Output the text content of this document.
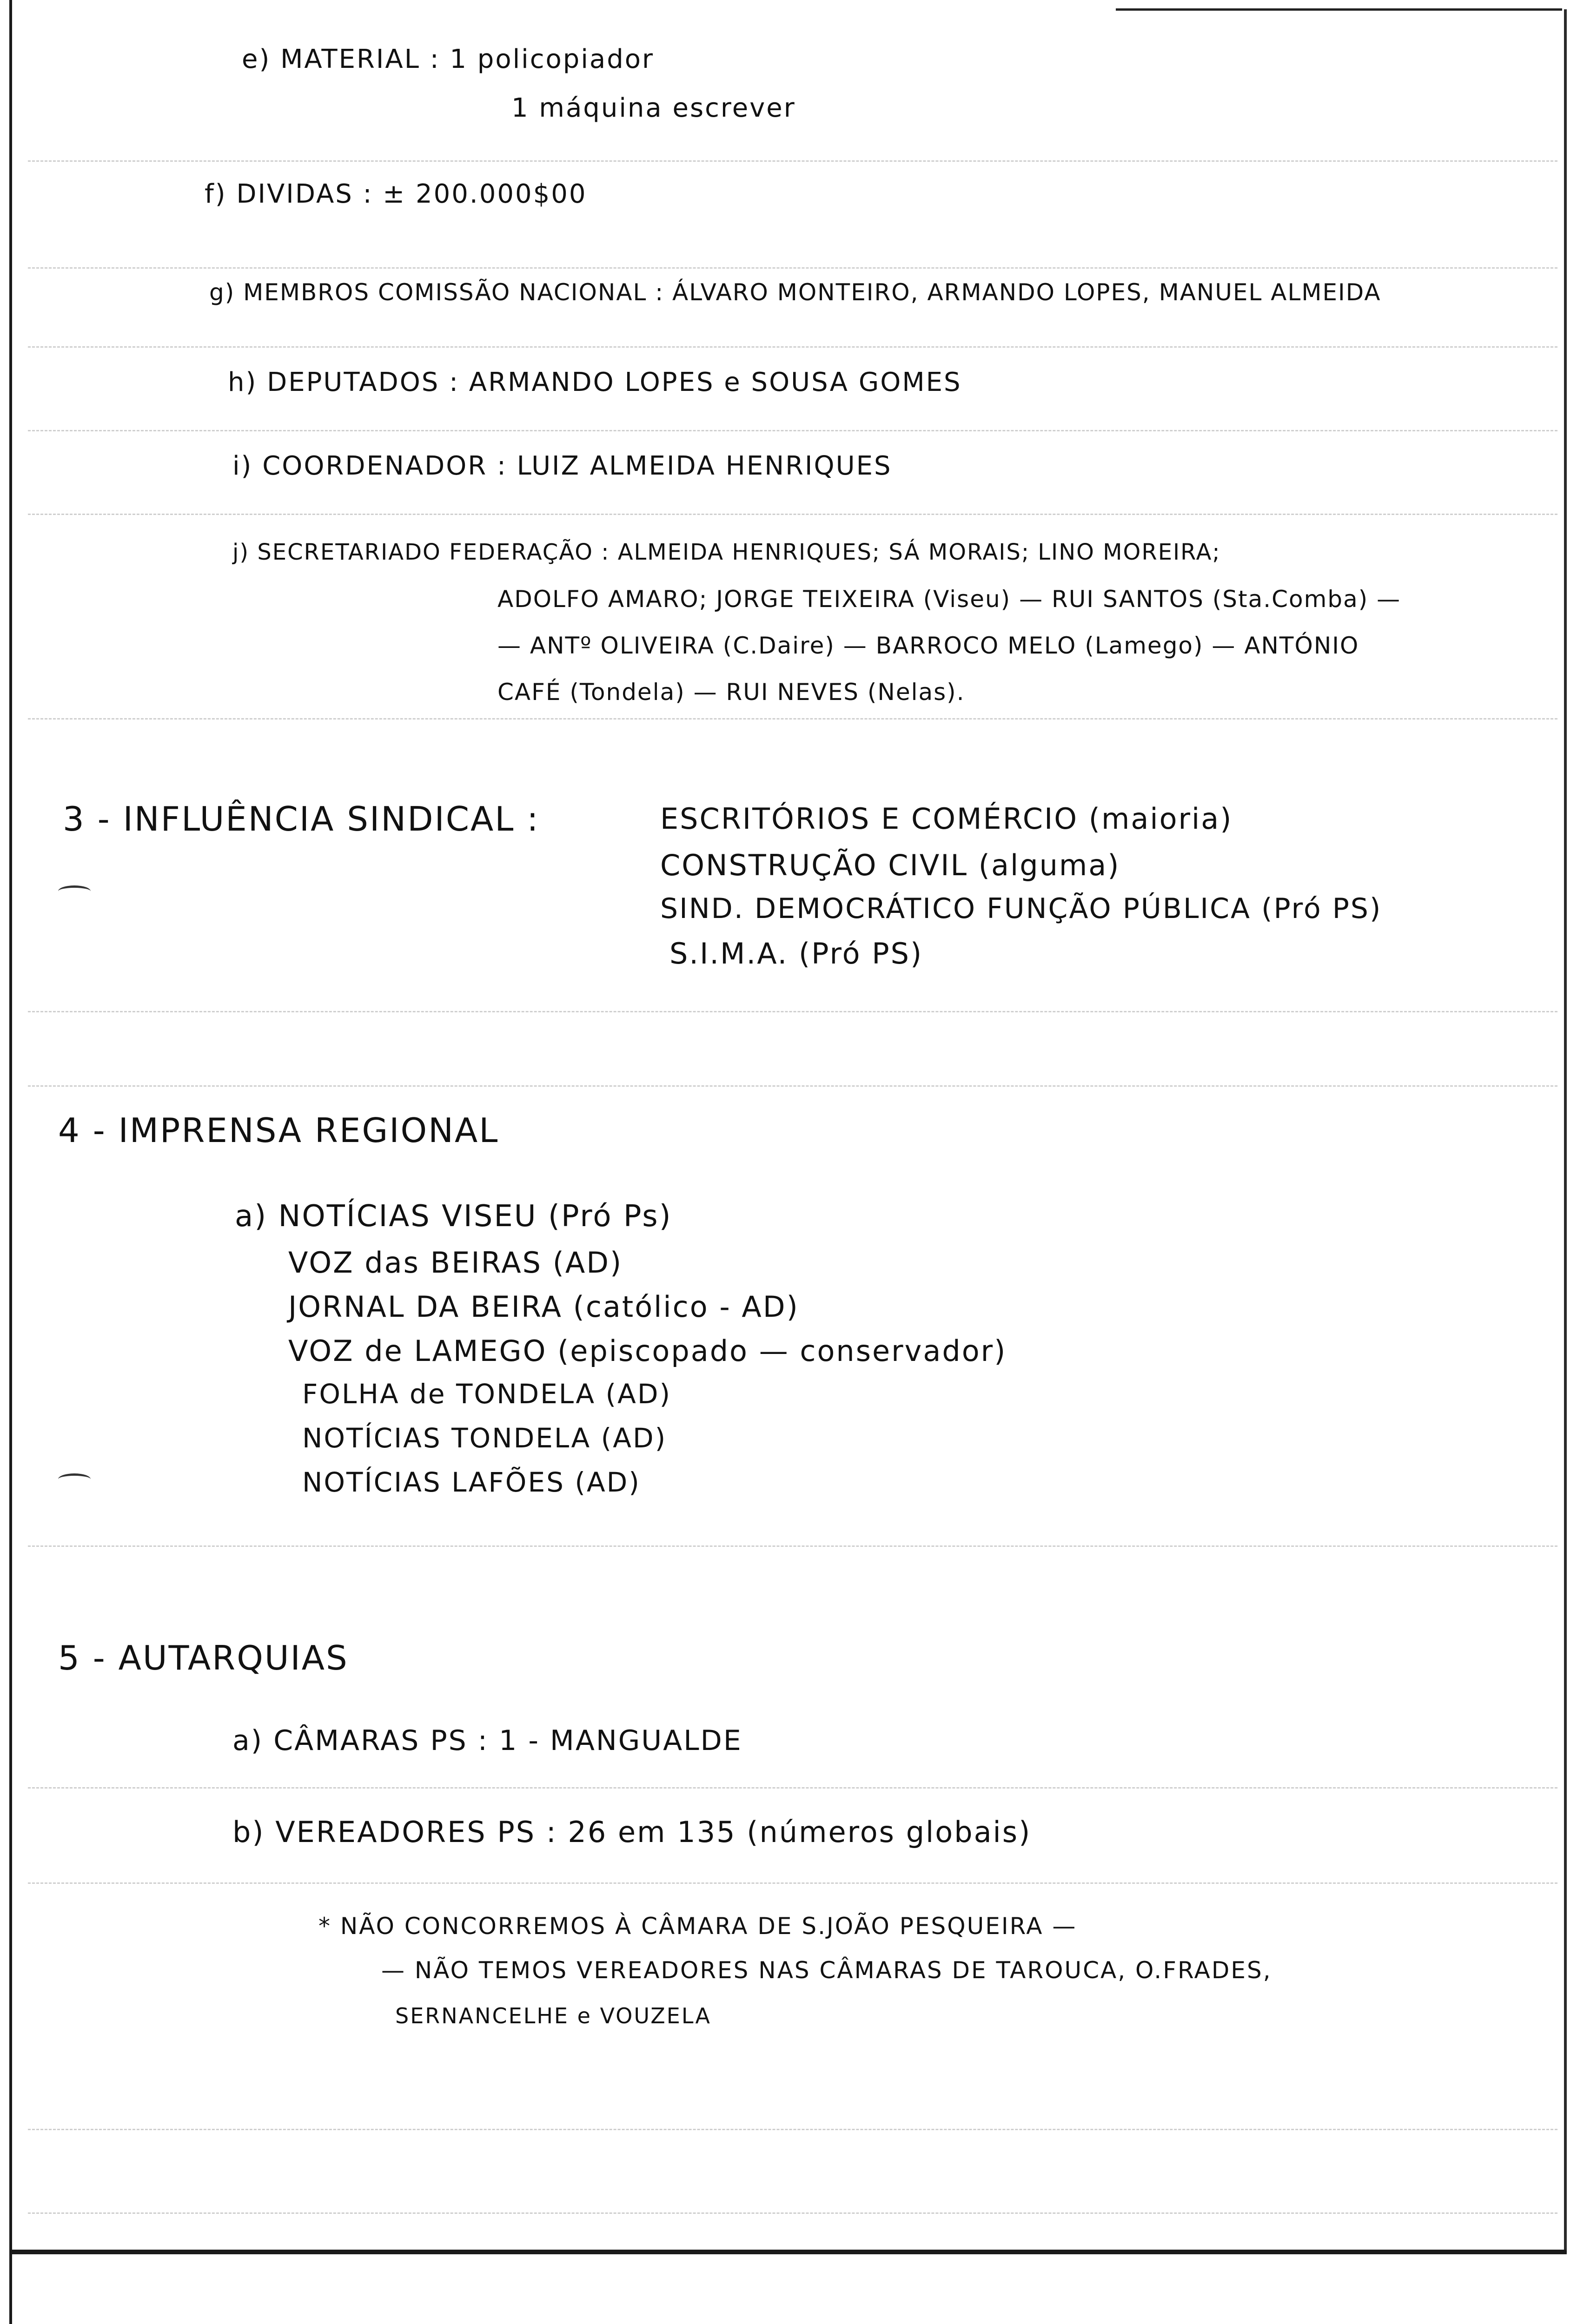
e) MATERIAL : 1 policopiador
1 máquina escrever
f) DIVIDAS : ± 200.000$00
g) MEMBROS COMISSÃO NACIONAL : ÁLVARO MONTEIRO, ARMANDO LOPES, MANUEL ALMEIDA
h) DEPUTADOS : ARMANDO LOPES e SOUSA GOMES
i) COORDENADOR : LUIZ ALMEIDA HENRIQUES
j) SECRETARIADO FEDERAÇÃO : ALMEIDA HENRIQUES; SÁ MORAIS; LINO MOREIRA;
ADOLFO AMARO; JORGE TEIXEIRA (Viseu) — RUI SANTOS (Sta.Comba) —
— ANTº OLIVEIRA (C.Daire) — BARROCO MELO (Lamego) — ANTÓNIO
CAFÉ (Tondela) — RUI NEVES (Nelas).
3 - INFLUÊNCIA SINDICAL :	ESCRITÓRIOS E COMÉRCIO (maioria)
CONSTRUÇÃO CIVIL (alguma)
SIND. DEMOCRÁTICO FUNÇÃO PÚBLICA (Pró PS)
S.I.M.A. (Pró PS)
4 - IMPRENSA REGIONAL
a) NOTÍCIAS VISEU (Pró Ps)
VOZ das BEIRAS (AD)
JORNAL DA BEIRA (católico - AD)
VOZ de LAMEGO (episcopado — conservador)
FOLHA de TONDELA (AD)
NOTÍCIAS TONDELA (AD)
NOTÍCIAS LAFÕES (AD)
5 - AUTARQUIAS
a) CÂMARAS PS : 1 - MANGUALDE
b) VEREADORES PS : 26 em 135 (números globais)
* NÃO CONCORREMOS À CÂMARA DE S.JOÃO PESQUEIRA —
— NÃO TEMOS VEREADORES NAS CÂMARAS DE TAROUCA, O.FRADES,
SERNANCELHE e VOUZELA
